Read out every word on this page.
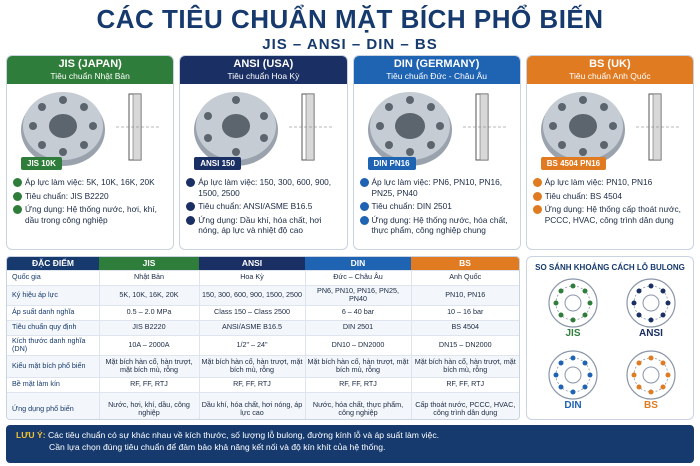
CÁC TIÊU CHUẨN MẶT BÍCH PHỔ BIẾN
JIS – ANSI – DIN – BS
JIS (JAPAN)
Tiêu chuẩn Nhật Bản
JIS 10K
Áp lực làm việc: 5K, 10K, 16K, 20K
Tiêu chuẩn: JIS B2220
Ứng dụng: Hệ thống nước, hơi, khí, dầu trong công nghiệp
ANSI (USA)
Tiêu chuẩn Hoa Kỳ
ANSI 150
Áp lực làm việc: 150, 300, 600, 900, 1500, 2500
Tiêu chuẩn: ANSI/ASME B16.5
Ứng dụng: Dầu khí, hóa chất, hơi nóng, áp lực và nhiệt độ cao
DIN (GERMANY)
Tiêu chuẩn Đức - Châu Âu
DIN PN16
Áp lực làm việc: PN6, PN10, PN16, PN25, PN40
Tiêu chuẩn: DIN 2501
Ứng dụng: Hệ thống nước, hóa chất, thực phẩm, công nghiệp chung
BS (UK)
Tiêu chuẩn Anh Quốc
BS 4504 PN16
Áp lực làm việc: PN10, PN16
Tiêu chuẩn: BS 4504
Ứng dụng: Hệ thống cấp thoát nước, PCCC, HVAC, công trình dân dụng
ĐẶC ĐIỂM	JIS	ANSI	DIN	BS
Quốc gia	Nhật Bản	Hoa Kỳ	Đức – Châu Âu	Anh Quốc
Ký hiệu áp lực	5K, 10K, 16K, 20K	150, 300, 600, 900, 1500, 2500	PN6, PN10, PN16, PN25, PN40	PN10, PN16
Áp suất danh nghĩa	0.5 – 2.0 MPa	Class 150 – Class 2500	6 – 40 bar	10 – 16 bar
Tiêu chuẩn quy định	JIS B2220	ANSI/ASME B16.5	DIN 2501	BS 4504
Kích thước danh nghĩa (DN)	10A – 2000A	1/2" – 24"	DN10 – DN2000	DN15 – DN2000
Kiểu mặt bích phổ biến	Mặt bích hàn cổ, hàn trượt, mặt bích mù, rỗng	Mặt bích hàn cổ, hàn trượt, mặt bích mù, rỗng	Mặt bích hàn cổ, hàn trượt, mặt bích mù, rỗng	Mặt bích hàn cổ, hàn trượt, mặt bích mù, rỗng
Bề mặt làm kín	RF, FF, RTJ	RF, FF, RTJ	RF, FF, RTJ	RF, FF, RTJ
Ứng dụng phổ biến	Nước, hơi, khí, dầu, công nghiệp	Dầu khí, hóa chất, hơi nóng, áp lực cao	Nước, hóa chất, thực phẩm, công nghiệp	Cấp thoát nước, PCCC, HVAC, công trình dân dụng
SO SÁNH KHOẢNG CÁCH LỖ BULONG
JIS	ANSI
DIN	BS
LƯU Ý: Các tiêu chuẩn có sự khác nhau về kích thước, số lượng lỗ bulong, đường kính lỗ và áp suất làm việc.
Cần lựa chọn đúng tiêu chuẩn để đảm bảo khả năng kết nối và độ kín khít của hệ thống.
